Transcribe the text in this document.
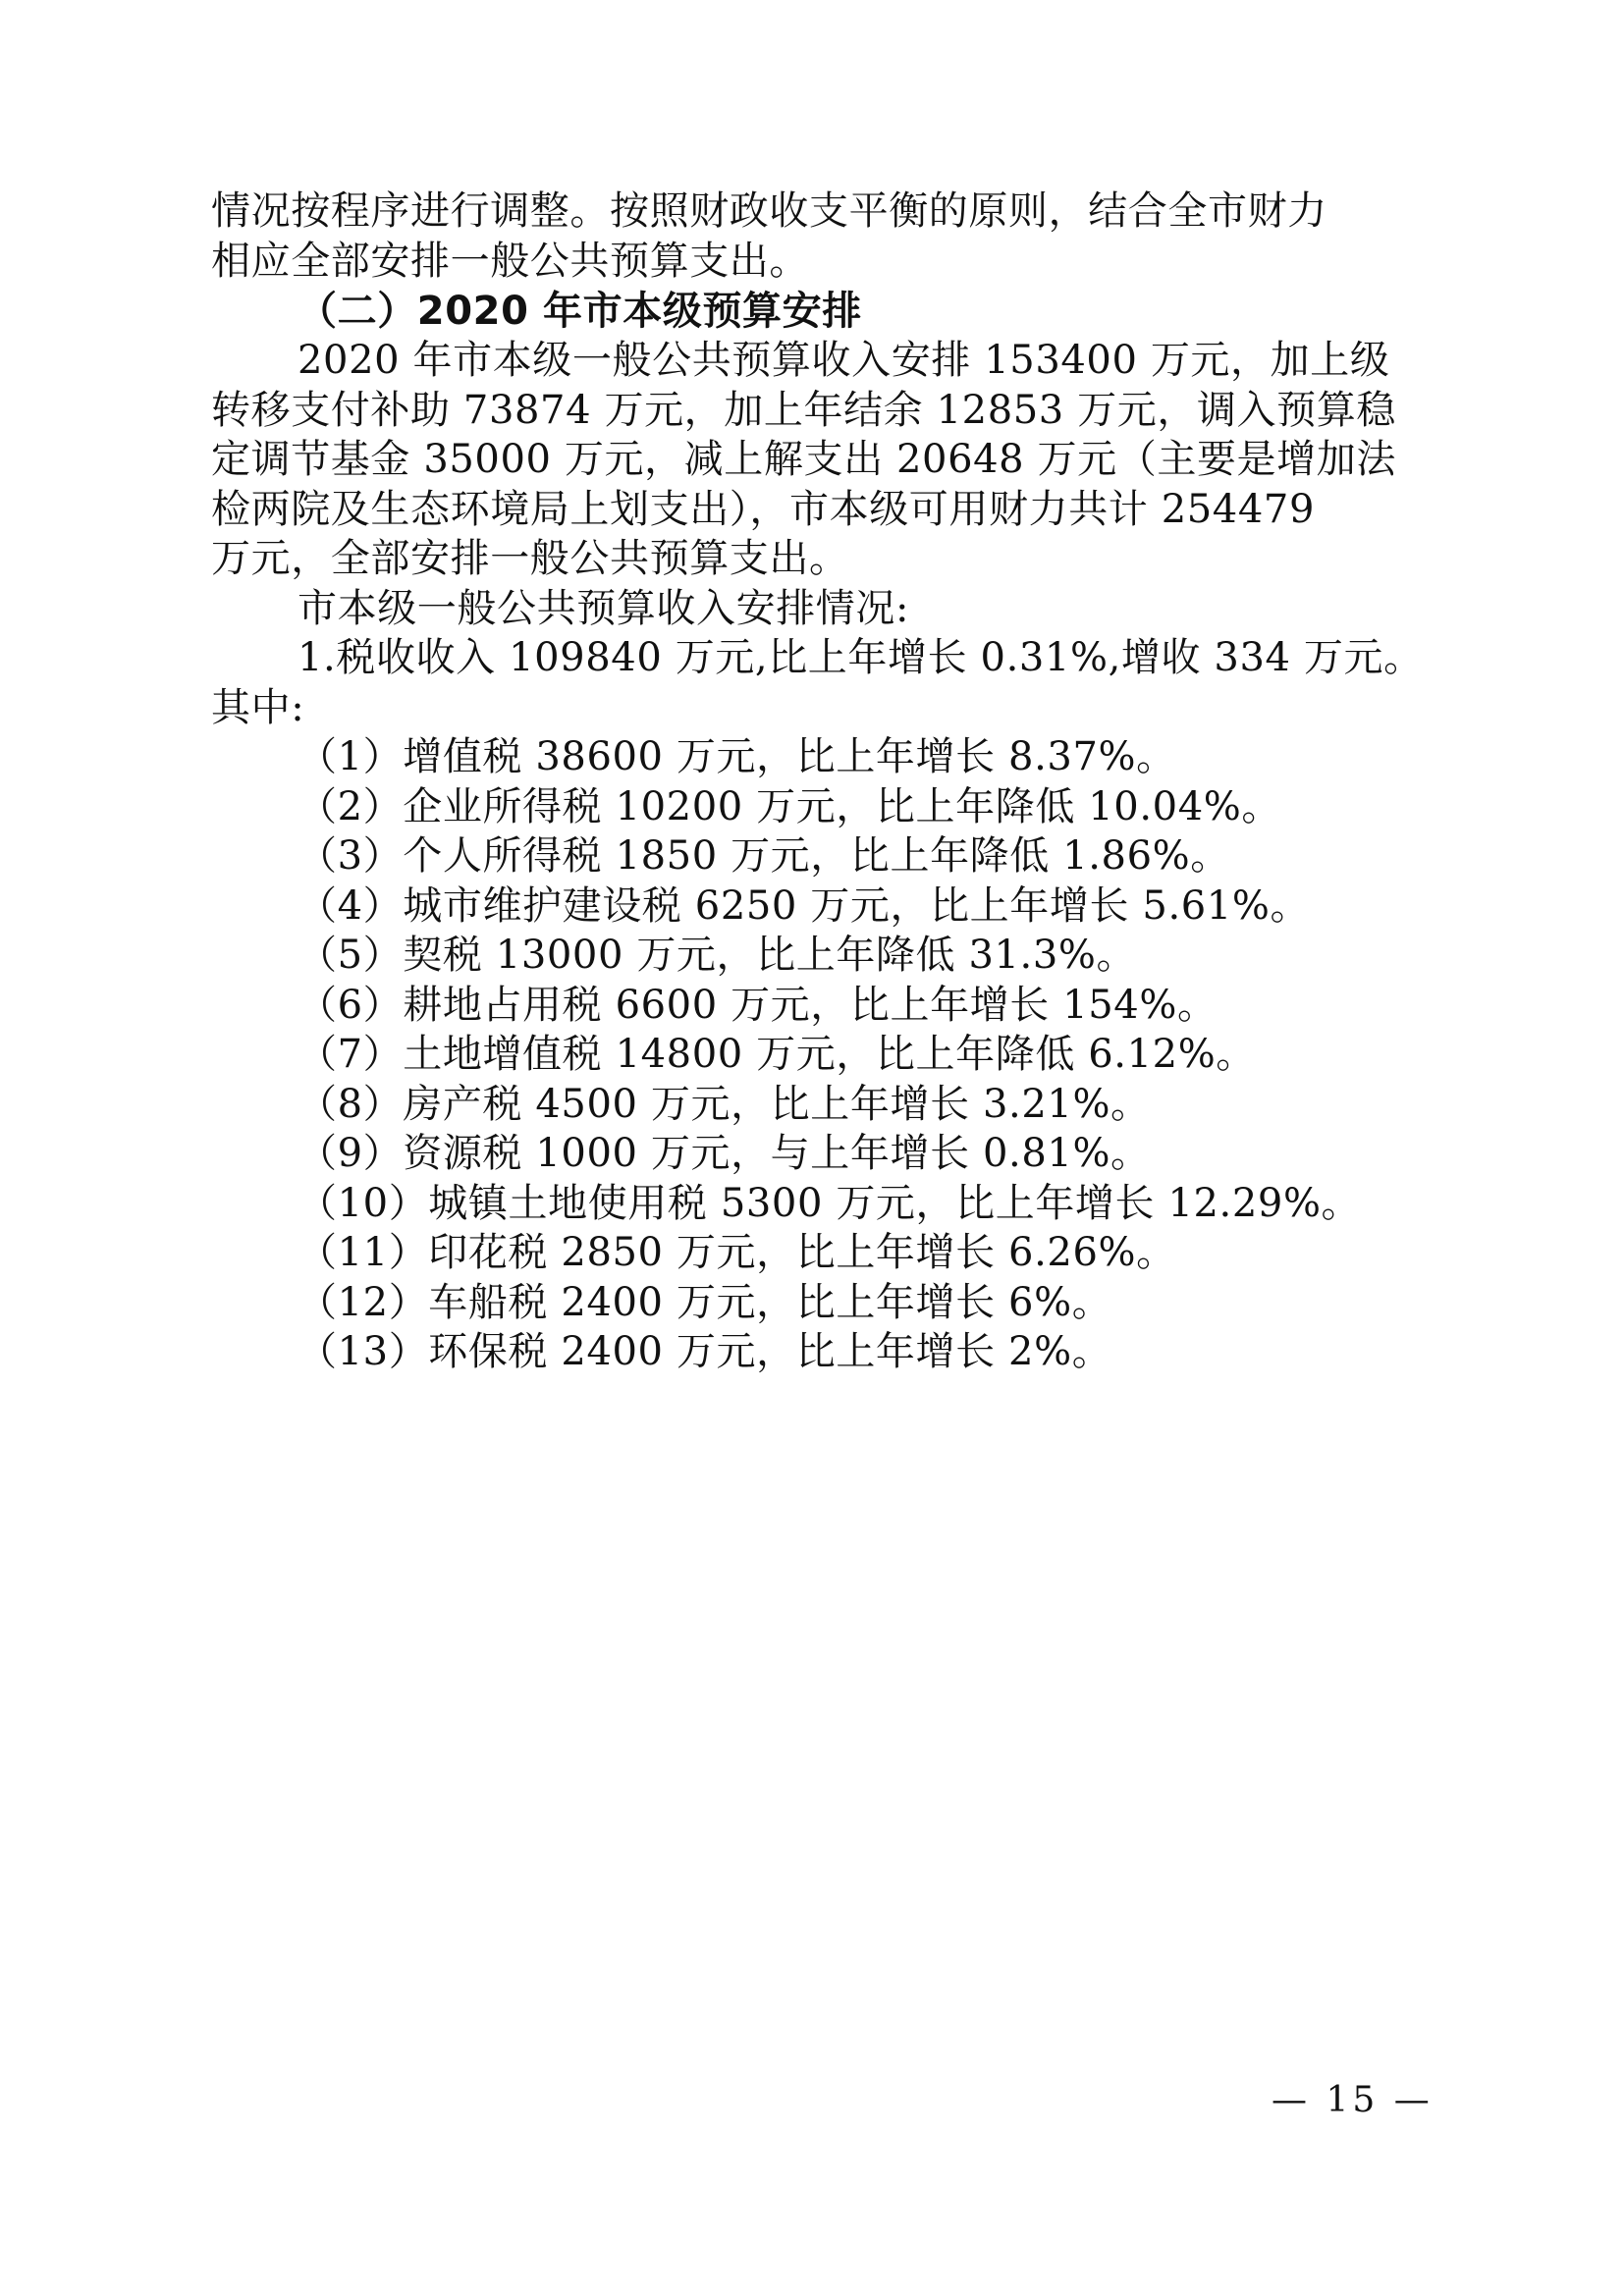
情况按程序进行调整。按照财政收支平衡的原则，结合全市财力
相应全部安排一般公共预算支出。
（二）2020 年市本级预算安排
2020 年市本级一般公共预算收入安排 153400 万元，加上级
转移支付补助 73874 万元，加上年结余 12853 万元，调入预算稳
定调节基金 35000 万元，减上解支出 20648 万元（主要是增加法
检两院及生态环境局上划支出），市本级可用财力共计 254479
万元，全部安排一般公共预算支出。
市本级一般公共预算收入安排情况:
1.税收收入 109840 万元,比上年增长 0.31%,增收 334 万元。
其中:
（1）增值税 38600 万元，比上年增长 8.37%。
（2）企业所得税 10200 万元，比上年降低 10.04%。
（3）个人所得税 1850 万元，比上年降低 1.86%。
（4）城市维护建设税 6250 万元，比上年增长 5.61%。
（5）契税 13000 万元，比上年降低 31.3%。
（6）耕地占用税 6600 万元，比上年增长 154%。
（7）土地增值税 14800 万元，比上年降低 6.12%。
（8）房产税 4500 万元，比上年增长 3.21%。
（9）资源税 1000 万元，与上年增长 0.81%。
（10）城镇土地使用税 5300 万元，比上年增长 12.29%。
（11）印花税 2850 万元，比上年增长 6.26%。
（12）车船税 2400 万元，比上年增长 6%。
（13）环保税 2400 万元，比上年增长 2%。
— 15 —
